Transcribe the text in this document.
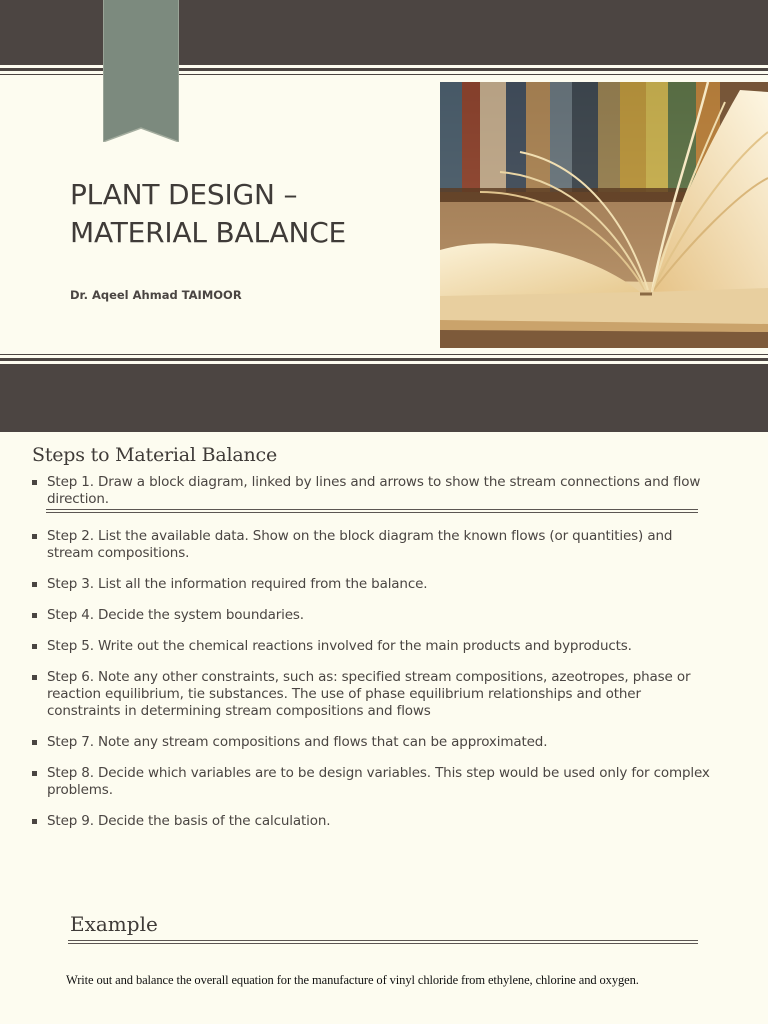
PLANT DESIGN –
MATERIAL BALANCE
Dr. Aqeel Ahmad TAIMOOR
Steps to Material Balance
Step 1. Draw a block diagram, linked by lines and arrows to show the stream connections and flow direction.
Step 2. List the available data. Show on the block diagram the known flows (or quantities) and stream compositions.
Step 3. List all the information required from the balance.
Step 4. Decide the system boundaries.
Step 5. Write out the chemical reactions involved for the main products and byproducts.
Step 6. Note any other constraints, such as: specified stream compositions, azeotropes, phase or reaction equilibrium, tie substances. The use of phase equilibrium relationships and other constraints in determining stream compositions and flows
Step 7. Note any stream compositions and flows that can be approximated.
Step 8. Decide which variables are to be design variables. This step would be used only for complex problems.
Step 9. Decide the basis of the calculation.
Example
Write out and balance the overall equation for the manufacture of vinyl chloride from ethylene, chlorine and oxygen.
